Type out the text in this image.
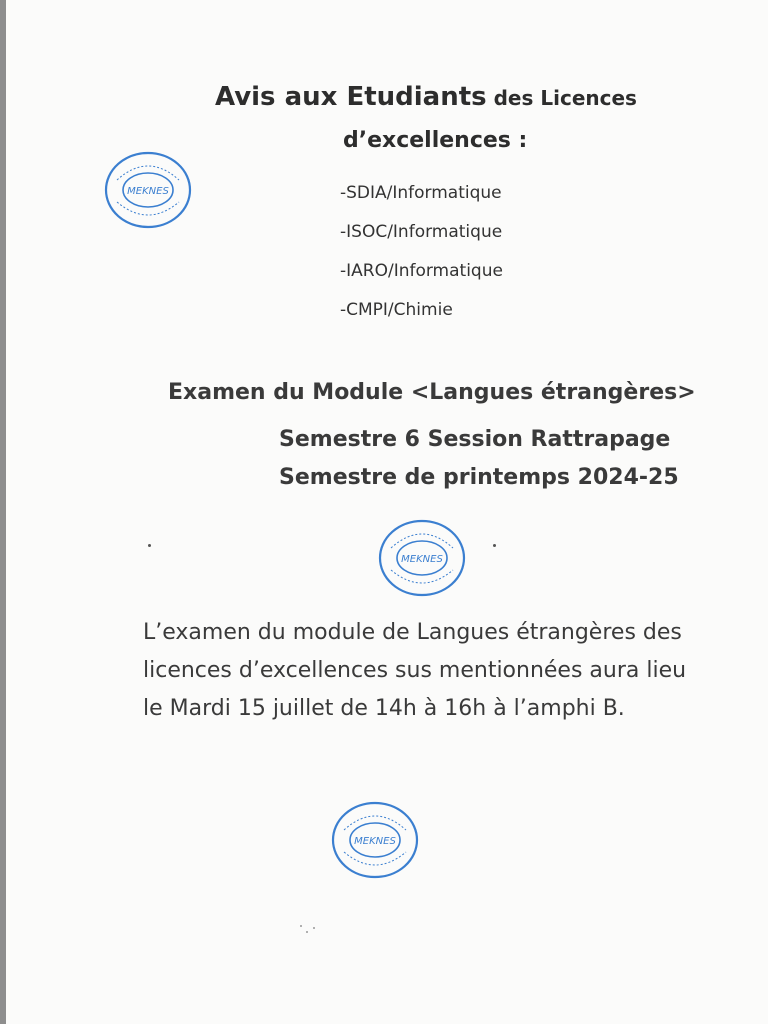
Avis aux Etudiants des Licences
d’excellences :
-SDIA/Informatique
-ISOC/Informatique
-IARO/Informatique
-CMPI/Chimie
Examen du Module <Langues étrangères>
Semestre 6 Session Rattrapage
Semestre de printemps 2024-25
L’examen du module de Langues étrangères des licences d’excellences sus mentionnées aura lieu le Mardi 15 juillet de 14h à 16h à l’amphi B.
MEKNES
MEKNES
MEKNES
